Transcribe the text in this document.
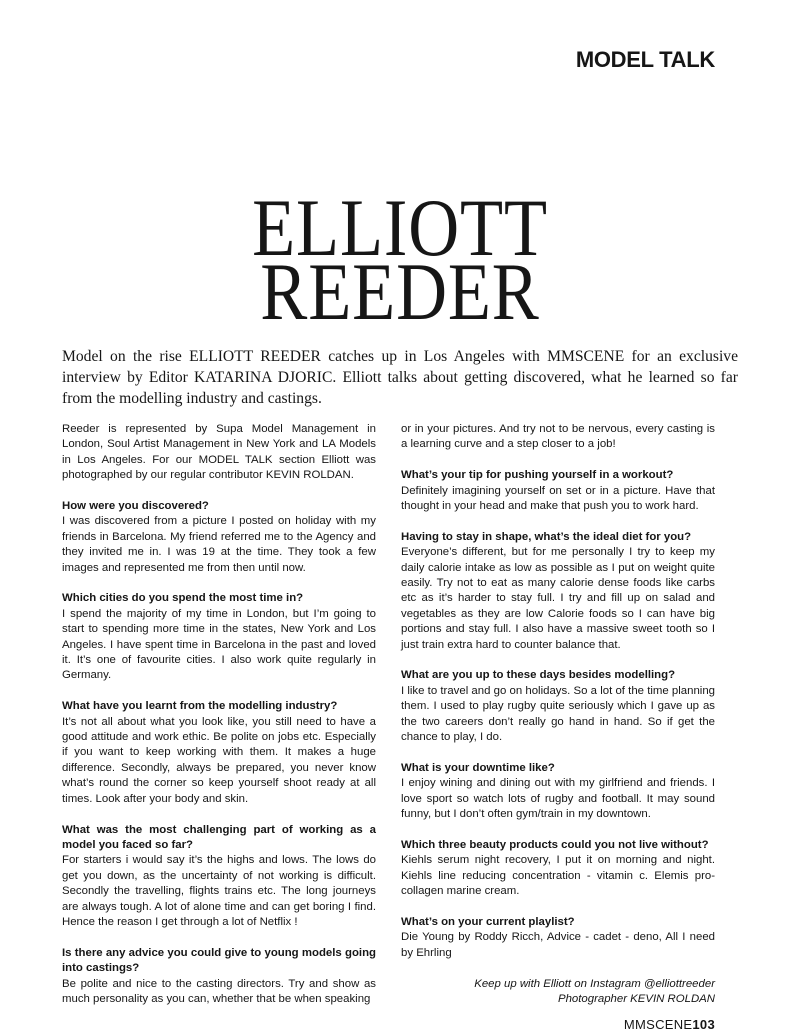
MODEL TALK
ELLIOTT
REEDER
Model on the rise ELLIOTT REEDER catches up in Los Angeles with MMSCENE for an exclusive interview by Editor KATARINA DJORIC. Elliott talks about getting discovered, what he learned so far from the modelling industry and castings.

Reeder is represented by Supa Model Management in London, Soul Artist Management in New York and LA Models in Los Angeles. For our MODEL TALK section Elliott was photographed by our regular contributor KEVIN ROLDAN.

How were you discovered?
I was discovered from a picture I posted on holiday with my friends in Barcelona. My friend referred me to the Agency and they invited me in. I was 19 at the time. They took a few images and represented me from then until now.

Which cities do you spend the most time in?
I spend the majority of my time in London, but I’m going to start to spending more time in the states, New York and Los Angeles. I have spent time in Barcelona in the past and loved it. It’s one of favourite cities. I also work quite regularly in Germany.

What have you learnt from the modelling industry?
It’s not all about what you look like, you still need to have a good attitude and work ethic. Be polite on jobs etc. Especially if you want to keep working with them. It makes a huge difference. Secondly, always be prepared, you never know what’s round the corner so keep yourself shoot ready at all times. Look after your body and skin.

What was the most challenging part of working as a model you faced so far?
For starters i would say it’s the highs and lows. The lows do get you down, as the uncertainty of not working is difficult. Secondly the travelling, flights trains etc. The long journeys are always tough. A lot of alone time and can get boring I find. Hence the reason I get through a lot of Netflix !

Is there any advice you could give to young models going into castings?
Be polite and nice to the casting directors. Try and show as much personality as you can, whether that be when speaking

or in your pictures. And try not to be nervous, every casting is a learning curve and a step closer to a job!

What’s your tip for pushing yourself in a workout?
Definitely imagining yourself on set or in a picture. Have that thought in your head and make that push you to work hard.

Having to stay in shape, what’s the ideal diet for you?
Everyone’s different, but for me personally I try to keep my daily calorie intake as low as possible as I put on weight quite easily. Try not to eat as many calorie dense foods like carbs etc as it’s harder to stay full. I try and fill up on salad and vegetables as they are low Calorie foods so I can have big portions and stay full. I also have a massive sweet tooth so I just train extra hard to counter balance that.

What are you up to these days besides modelling?
I like to travel and go on holidays. So a lot of the time planning them. I used to play rugby quite seriously which I gave up as the two careers don’t really go hand in hand. So if get the chance to play, I do.

What is your downtime like?
I enjoy wining and dining out with my girlfriend and friends. I love sport so watch lots of rugby and football. It may sound funny, but I don’t often gym/train in my downtown.

Which three beauty products could you not live without?
Kiehls serum night recovery, I put it on morning and night. Kiehls line reducing concentration - vitamin c. Elemis pro-collagen marine cream.

What’s on your current playlist?
Die Young by Roddy Ricch, Advice - cadet - deno, All I need by Ehrling

Keep up with Elliott on Instagram @elliottreeder
Photographer KEVIN ROLDAN
MMSCENE103
